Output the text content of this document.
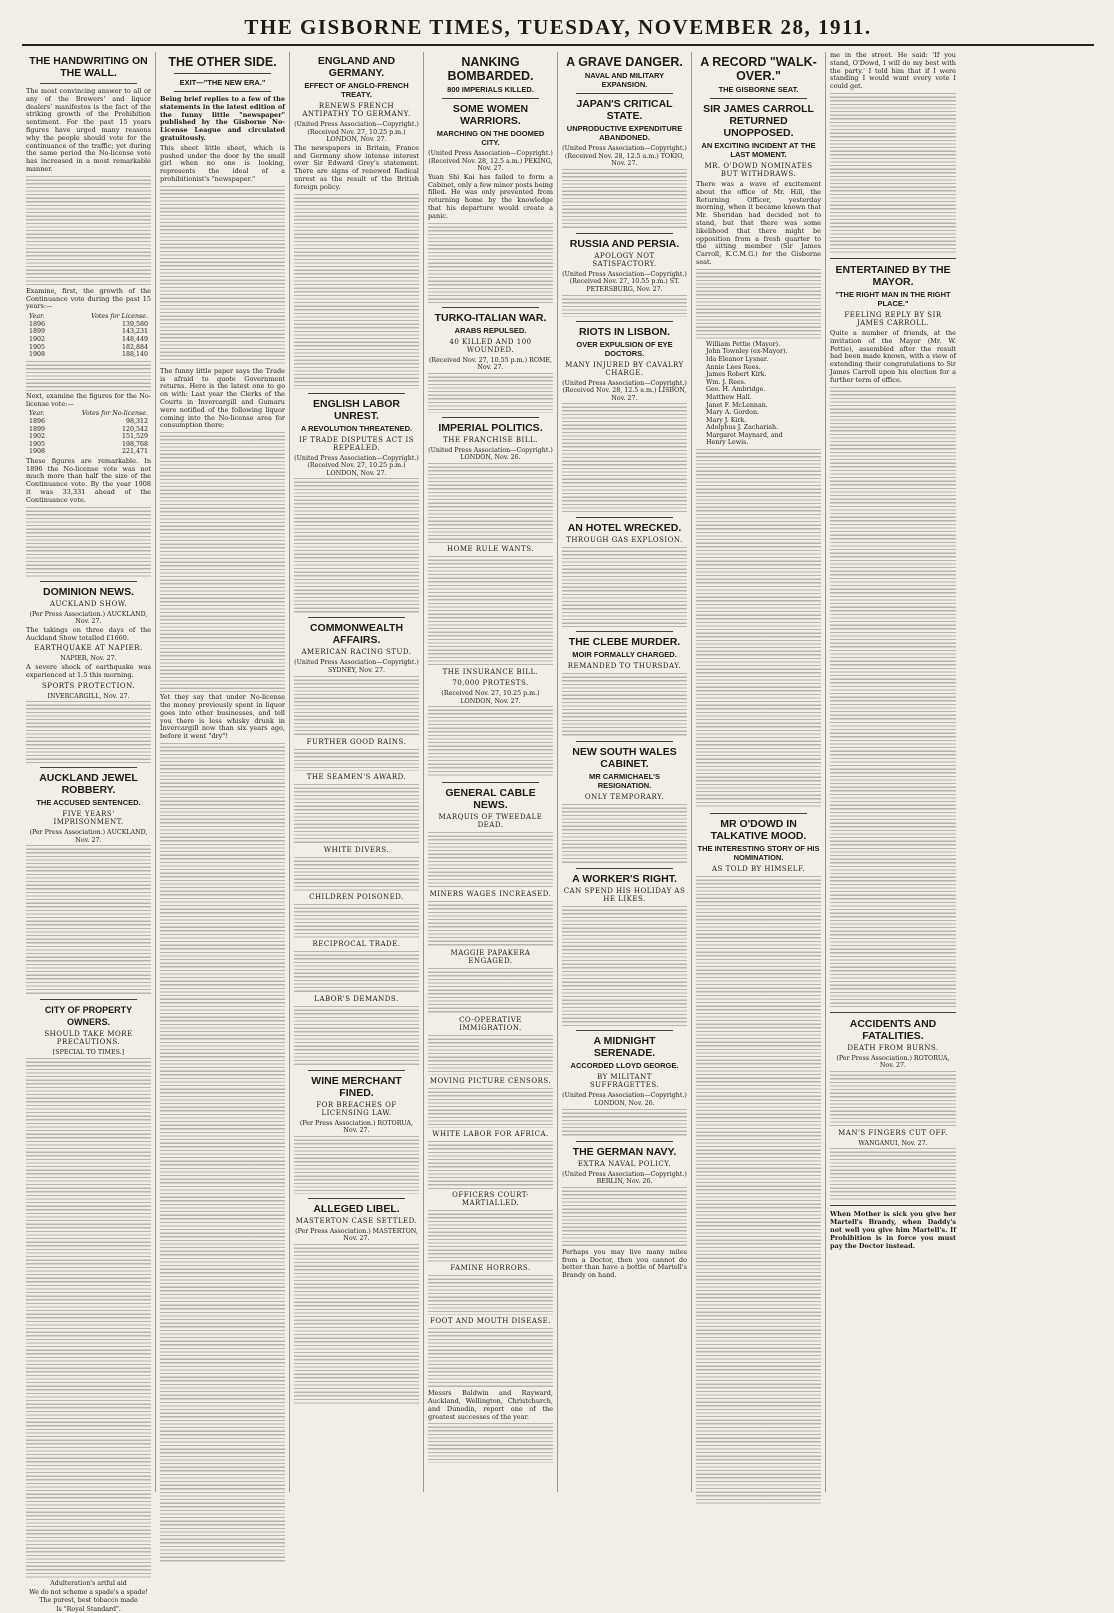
THE GISBORNE TIMES, TUESDAY, NOVEMBER 28, 1911.
THE HANDWRITING ON THE WALL.

The most convincing answer to all or any of the Brewers' and liquor dealers' manifestos is the fact of the striking growth of the Prohibition sentiment. For the past 15 years figures have urged many reasons why the people should vote for the continuance of the traffic; yet during the same period the No-license vote has increased in a most remarkable manner.

Examine, first, the growth of the Continuance vote during the past 15 years:—

Year.	Votes for License.
1896	139,580
1899	143,231
1902	148,449
1905	182,884
1908	188,140

Next, examine the figures for the No-license vote:—

Year.	Votes for No-license.
1896	98,312
1899	120,542
1902	151,529
1905	198,768
1908	221,471

These figures are remarkable. In 1896 the No-license vote was not much more than half the size of the Continuance vote. By the year 1908 it was 33,331 ahead of the Continuance vote.

DOMINION NEWS.
AUCKLAND SHOW.
(Per Press Association.) AUCKLAND, Nov. 27.

The takings on three days of the Auckland Show totalled £1660.

EARTHQUAKE AT NAPIER.
NAPIER, Nov. 27.

A severe shock of earthquake was experienced at 1.5 this morning.

SPORTS PROTECTION.
INVERCARGILL, Nov. 27.
AUCKLAND JEWEL ROBBERY.
THE ACCUSED SENTENCED.
FIVE YEARS' IMPRISONMENT.
(Per Press Association.) AUCKLAND, Nov. 27.
CITY OF PROPERTY OWNERS.
SHOULD TAKE MORE PRECAUTIONS.
[SPECIAL TO TIMES.]
Adulteration's artful aid
We do not scheme a spade's a spade!
The purest, best tobacco made
Is "Royal Standard".
THE OTHER SIDE.
EXIT—"THE NEW ERA."

Being brief replies to a few of the statements in the latest edition of the funny little "newspaper" published by the Gisborne No-License League and circulated gratuitously.

This sheet little sheet, which is pushed under the door by the small girl when no one is looking, represents the ideal of a prohibitionist's "newspaper."

The funny little paper says the Trade is afraid to quote Government returns. Here is the latest one to go on with: Last year the Clerks of the Courts in Invercargill and Gumaru were notified of the following liquor coming into the No-license area for consumption there:

Yet they say that under No-license the money previously spent in liquor goes into other businesses, and tell you there is less whisky drunk in Invercargill now than six years ago, before it went "dry"!

ENGLAND AND GERMANY.
EFFECT OF ANGLO-FRENCH TREATY.
RENEWS FRENCH ANTIPATHY TO GERMANY.
(United Press Association—Copyright.) (Received Nov. 27, 10.25 p.m.) LONDON, Nov. 27.

The newspapers in Britain, France and Germany show intense interest over Sir Edward Grey's statement. There are signs of renewed Radical unrest as the result of the British foreign policy.

ENGLISH LABOR UNREST.
A REVOLUTION THREATENED.
IF TRADE DISPUTES ACT IS REPEALED.
(United Press Association—Copyright.) (Received Nov. 27, 10.25 p.m.) LONDON, Nov. 27.
COMMONWEALTH AFFAIRS.
AMERICAN RACING STUD.
(United Press Association—Copyright.) SYDNEY, Nov. 27.
FURTHER GOOD RAINS.
THE SEAMEN'S AWARD.
WHITE DIVERS.
CHILDREN POISONED.
RECIPROCAL TRADE.
LABOR'S DEMANDS.
WINE MERCHANT FINED.
FOR BREACHES OF LICENSING LAW.
(Per Press Association.) ROTORUA, Nov. 27.
ALLEGED LIBEL.
MASTERTON CASE SETTLED.
(Per Press Association.) MASTERTON, Nov. 27.
NANKING BOMBARDED.
800 IMPERIALS KILLED.
SOME WOMEN WARRIORS.
MARCHING ON THE DOOMED CITY.
(United Press Association—Copyright.) (Received Nov. 28, 12.5 a.m.) PEKING, Nov. 27.

Yuan Shi Kai has failed to form a Cabinet, only a few minor posts being filled. He was only prevented from returning home by the knowledge that his departure would create a panic.

TURKO-ITALIAN WAR.
ARABS REPULSED.
40 KILLED AND 100 WOUNDED.
(Received Nov. 27, 10.55 p.m.) ROME, Nov. 27.
IMPERIAL POLITICS.
THE FRANCHISE BILL.
(United Press Association—Copyright.) LONDON, Nov. 26.
HOME RULE WANTS.
THE INSURANCE BILL.
70,000 PROTESTS.
(Received Nov. 27, 10.25 p.m.) LONDON, Nov. 27.
GENERAL CABLE NEWS.
MARQUIS OF TWEEDALE DEAD.
MINERS WAGES INCREASED.
MAGGIE PAPAKERA ENGAGED.
CO-OPERATIVE IMMIGRATION.
MOVING PICTURE CENSORS.
WHITE LABOR FOR AFRICA.
OFFICERS COURT-MARTIALLED.
FAMINE HORRORS.
FOOT AND MOUTH DISEASE.

Messrs Baldwin and Rayward, Auckland, Wellington, Christchurch, and Dunedin, report one of the greatest successes of the year.

A GRAVE DANGER.
NAVAL AND MILITARY EXPANSION.
JAPAN'S CRITICAL STATE.
UNPRODUCTIVE EXPENDITURE ABANDONED.
(United Press Association—Copyright.) (Received Nov. 28, 12.5 a.m.) TOKIO, Nov. 27.
RUSSIA AND PERSIA.
APOLOGY NOT SATISFACTORY.
(United Press Association—Copyright.) (Received Nov. 27, 10.55 p.m.) ST. PETERSBURG, Nov. 27.
RIOTS IN LISBON.
OVER EXPULSION OF EYE DOCTORS.
MANY INJURED BY CAVALRY CHARGE.
(United Press Association—Copyright.) (Received Nov. 28, 12.5 a.m.) LISBON, Nov. 27.
AN HOTEL WRECKED.
THROUGH GAS EXPLOSION.
THE CLEBE MURDER.
MOIR FORMALLY CHARGED.
REMANDED TO THURSDAY.
NEW SOUTH WALES CABINET.
MR CARMICHAEL'S RESIGNATION.
ONLY TEMPORARY.
A WORKER'S RIGHT.
CAN SPEND HIS HOLIDAY AS HE LIKES.
A MIDNIGHT SERENADE.
ACCORDED LLOYD GEORGE.
BY MILITANT SUFFRAGETTES.
(United Press Association—Copyright.) LONDON, Nov. 26.
THE GERMAN NAVY.
EXTRA NAVAL POLICY.
(United Press Association—Copyright.) BERLIN, Nov. 26.

Perhaps you may live many miles from a Doctor, then you cannot do better than have a bottle of Martell's Brandy on hand.

A RECORD "WALK-OVER."
THE GISBORNE SEAT.
SIR JAMES CARROLL RETURNED UNOPPOSED.
AN EXCITING INCIDENT AT THE LAST MOMENT.
MR. O'DOWD NOMINATES BUT WITHDRAWS.

There was a wave of excitement about the office of Mr. Hill, the Returning Officer, yesterday morning, when it became known that Mr. Sheridan had decided not to stand, but that there was some likelihood that there might be opposition from a fresh quarter to the sitting member (Sir James Carroll, K.C.M.G.) for the Gisborne seat.

William Pettie (Mayor).
John Townley (ex-Mayor).
Ida Eleanor Lysnar.
Annie Lees Rees.
James Robert Kirk.
Wm. J. Rees.
Geo. H. Ambridge.
Matthew Hall.
Janet F. McLennan.
Mary A. Gordon.
Mary J. Kirk.
Adolphus J. Zachariah.
Margaret Maynard, and
Henry Lewis.
MR O'DOWD IN TALKATIVE MOOD.
THE INTERESTING STORY OF HIS NOMINATION.
AS TOLD BY HIMSELF.

me in the street. He said: 'If you stand, O'Dowd, I will do my best with the party.' I told him that if I were standing I would want every vote I could get.

ENTERTAINED BY THE MAYOR.
"THE RIGHT MAN IN THE RIGHT PLACE."
FEELING REPLY BY SIR JAMES CARROLL.

Quite a number of friends, at the invitation of the Mayor (Mr. W. Pettie), assembled after the result had been made known, with a view of extending their congratulations to Sir James Carroll upon his election for a further term of office.

ACCIDENTS AND FATALITIES.
DEATH FROM BURNS.
(Per Press Association.) ROTORUA, Nov. 27.
MAN'S FINGERS CUT OFF.
WANGANUI, Nov. 27.

When Mother is sick you give her Martell's Brandy, when Daddy's not well you give him Martell's. If Prohibition is in force you must pay the Doctor instead.
